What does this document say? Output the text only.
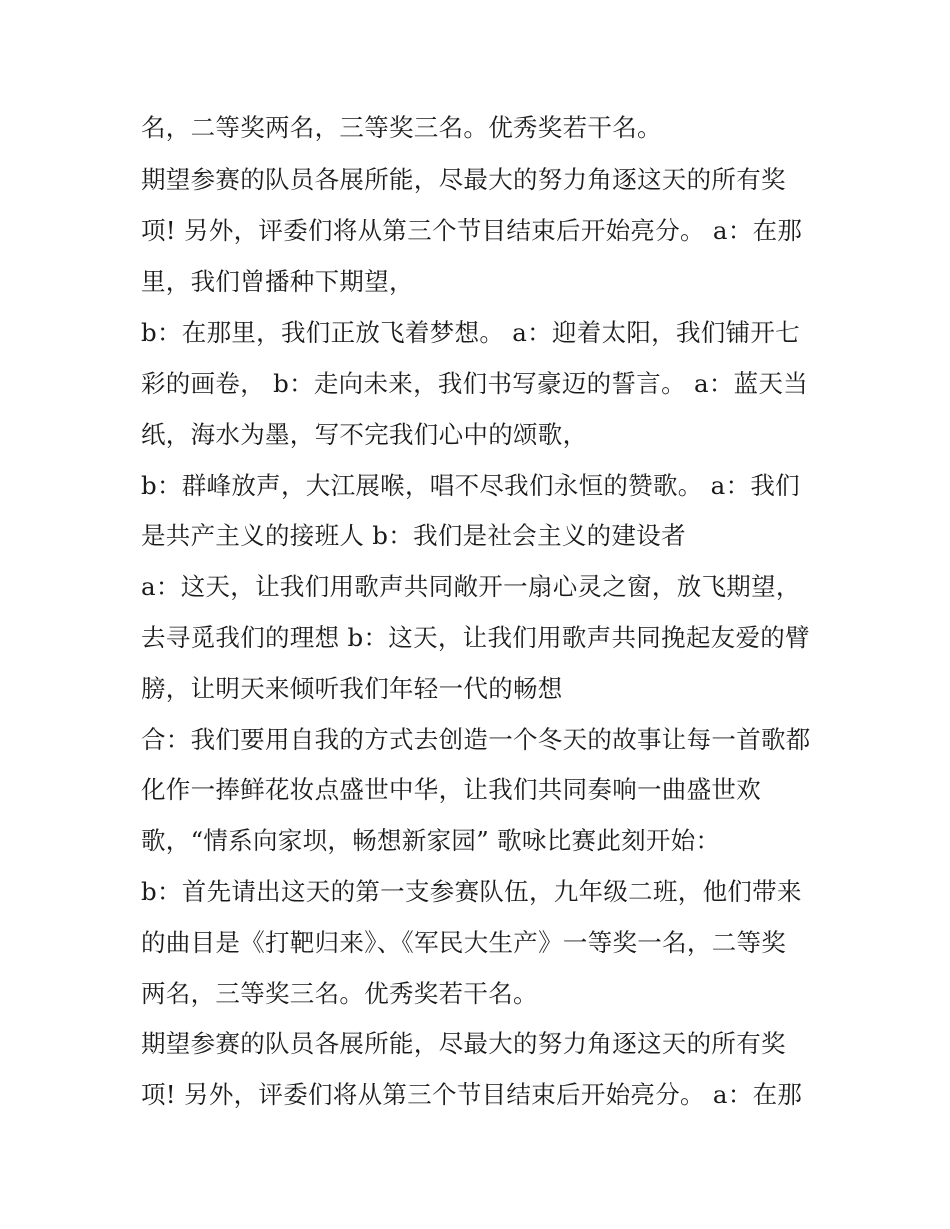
名，二等奖两名，三等奖三名。优秀奖若干名。
期望参赛的队员各展所能，尽最大的努力角逐这天的所有奖
项! 另外，评委们将从第三个节目结束后开始亮分。 a：在那
里，我们曾播种下期望，
b：在那里，我们正放飞着梦想。 a：迎着太阳，我们铺开七
彩的画卷， b：走向未来，我们书写豪迈的誓言。 a：蓝天当
纸，海水为墨，写不完我们心中的颂歌，
b：群峰放声，大江展喉，唱不尽我们永恒的赞歌。 a：我们
是共产主义的接班人 b：我们是社会主义的建设者
a：这天，让我们用歌声共同敞开一扇心灵之窗，放飞期望，
去寻觅我们的理想 b：这天，让我们用歌声共同挽起友爱的臂
膀，让明天来倾听我们年轻一代的畅想
合：我们要用自我的方式去创造一个冬天的故事让每一首歌都
化作一捧鲜花妆点盛世中华，让我们共同奏响一曲盛世欢
歌，“情系向家坝，畅想新家园” 歌咏比赛此刻开始：
b：首先请出这天的第一支参赛队伍，九年级二班，他们带来
的曲目是《打靶归来》、《军民大生产》一等奖一名，二等奖
两名，三等奖三名。优秀奖若干名。
期望参赛的队员各展所能，尽最大的努力角逐这天的所有奖
项! 另外，评委们将从第三个节目结束后开始亮分。 a：在那
